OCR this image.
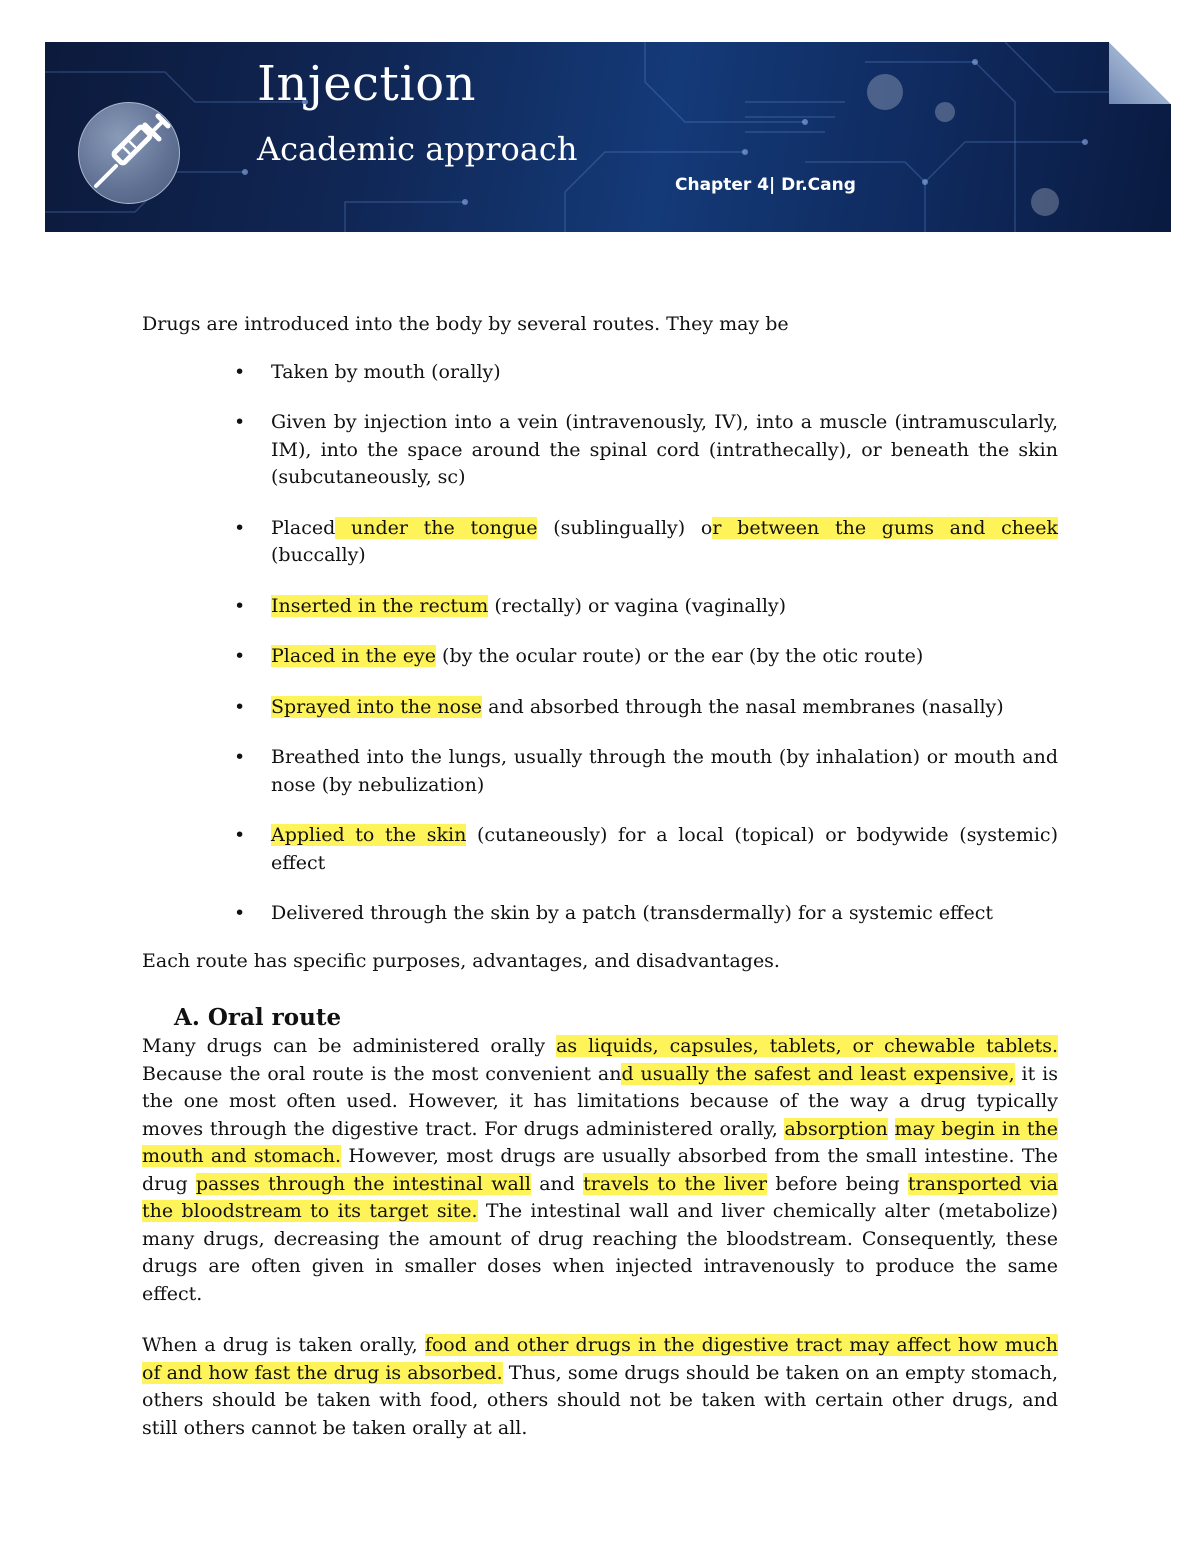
Injection
Academic approach
Chapter 4| Dr.Cang

Drugs are introduced into the body by several routes. They may be

• Taken by mouth (orally)
• Given by injection into a vein (intravenously, IV), into a muscle (intramuscularly, IM), into the space around the spinal cord (intrathecally), or beneath the skin (subcutaneously, sc)
• Placed under the tongue (sublingually) or between the gums and cheek (buccally)
• Inserted in the rectum (rectally) or vagina (vaginally)
• Placed in the eye (by the ocular route) or the ear (by the otic route)
• Sprayed into the nose and absorbed through the nasal membranes (nasally)
• Breathed into the lungs, usually through the mouth (by inhalation) or mouth and nose (by nebulization)
• Applied to the skin (cutaneously) for a local (topical) or bodywide (systemic) effect
• Delivered through the skin by a patch (transdermally) for a systemic effect

Each route has specific purposes, advantages, and disadvantages.

A. Oral route

Many drugs can be administered orally as liquids, capsules, tablets, or chewable tablets. Because the oral route is the most convenient and usually the safest and least expensive, it is the one most often used. However, it has limitations because of the way a drug typically moves through the digestive tract. For drugs administered orally, absorption may begin in the mouth and stomach. However, most drugs are usually absorbed from the small intestine. The drug passes through the intestinal wall and travels to the liver before being transported via the bloodstream to its target site. The intestinal wall and liver chemically alter (metabolize) many drugs, decreasing the amount of drug reaching the bloodstream. Consequently, these drugs are often given in smaller doses when injected intravenously to produce the same effect.

When a drug is taken orally, food and other drugs in the digestive tract may affect how much of and how fast the drug is absorbed. Thus, some drugs should be taken on an empty stomach, others should be taken with food, others should not be taken with certain other drugs, and still others cannot be taken orally at all.
